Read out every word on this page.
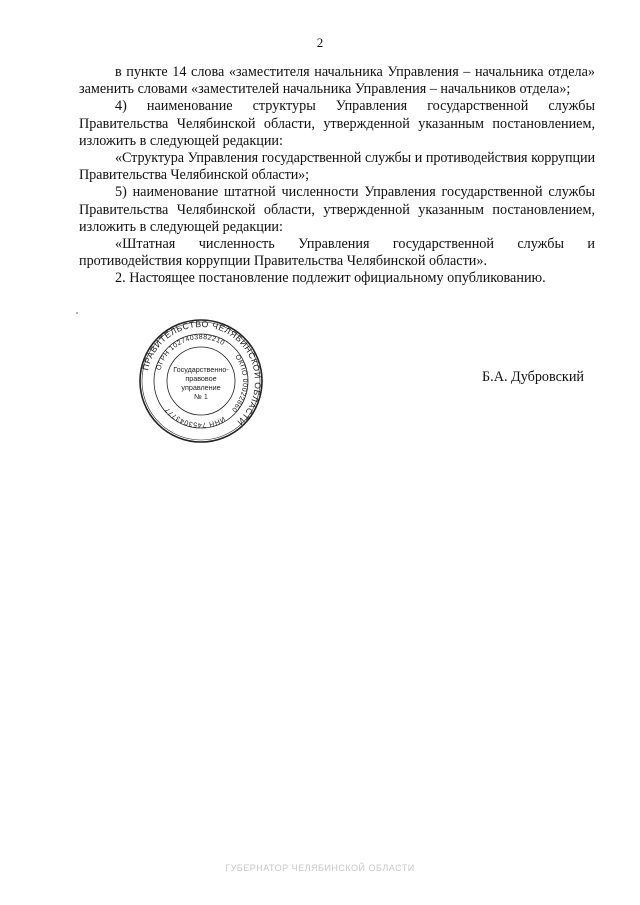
2

в пункте 14 слова «заместителя начальника Управления – начальника отдела» заменить словами «заместителей начальника Управления – начальников отдела»;

4) наименование структуры Управления государственной службы Правительства Челябинской области, утвержденной указанным постановлением, изложить в следующей редакции:

«Структура Управления государственной службы и противодействия коррупции Правительства Челябинской области»;

5) наименование штатной численности Управления государственной службы Правительства Челябинской области, утвержденной указанным постановлением, изложить в следующей редакции:

«Штатная численность Управления государственной службы и противодействия коррупции Правительства Челябинской области».

2. Настоящее постановление подлежит официальному опубликованию.

ПРАВИТЕЛЬСТВО ЧЕЛЯБИНСКОЙ ОБЛАСТИ
ОГРН 1027403882210
ОКПО 00022860
ИНН 7453043777
Государственно-
правовое
управление
№ 1
Б.А. Дубровский
ГУБЕРНАТОР ЧЕЛЯБИНСКОЙ ОБЛАСТИ
